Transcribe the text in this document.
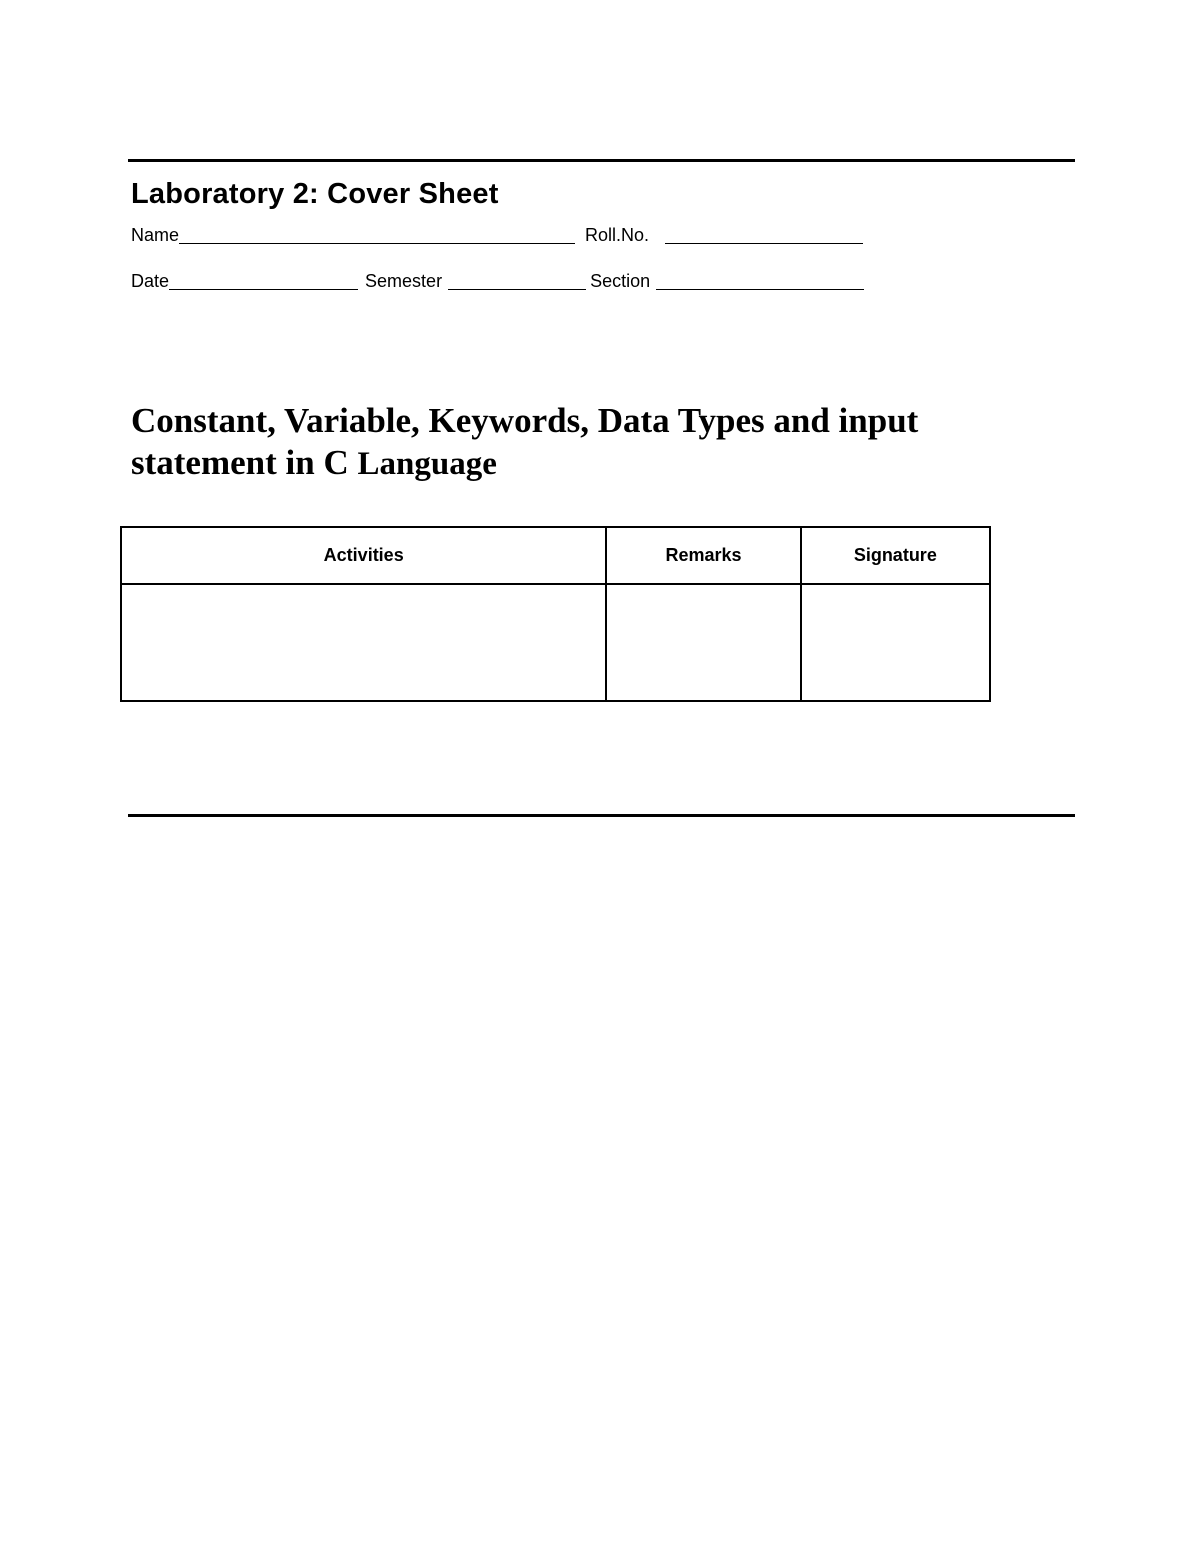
Laboratory 2: Cover Sheet
Name	Roll.No.
Date	Semester	Section
Constant, Variable, Keywords, Data Types and input
statement in C Language
Activities	Remarks	Signature
